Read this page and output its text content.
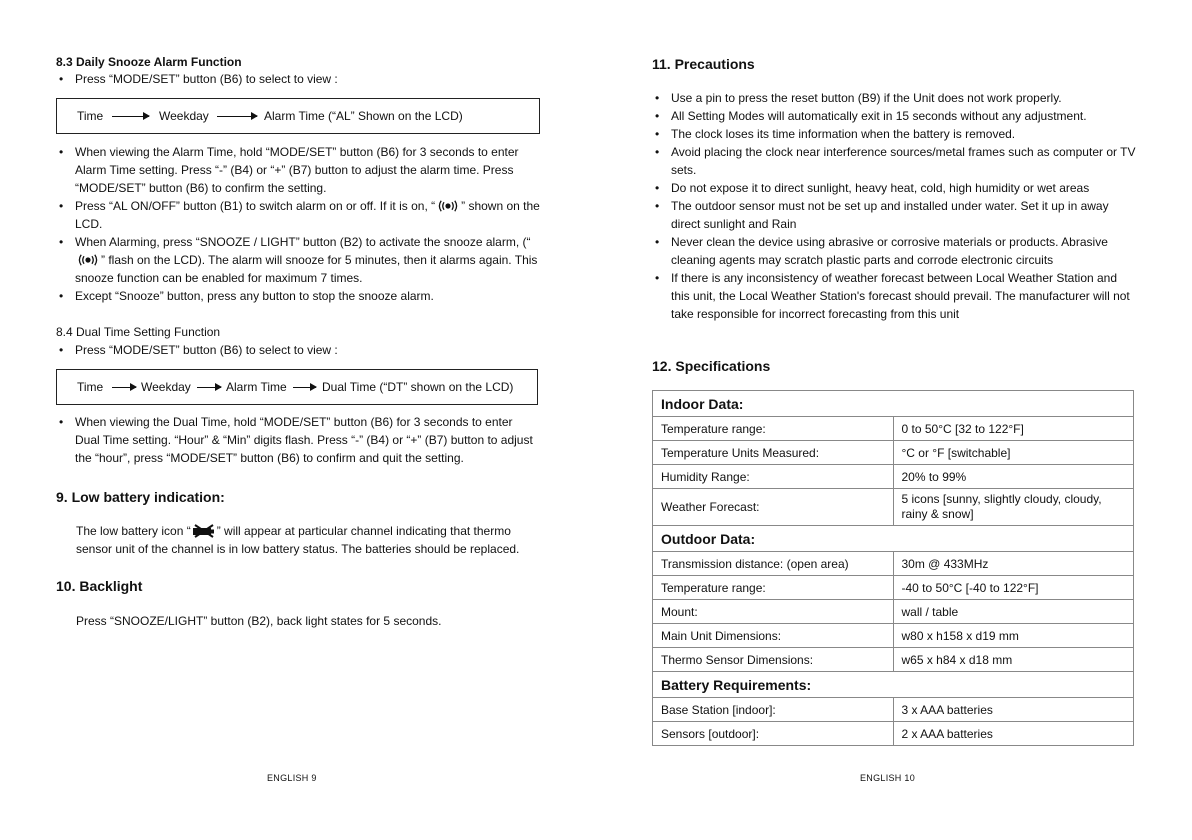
8.3 Daily Snooze Alarm Function
• Press “MODE/SET” button (B6) to select to view :
Time	Weekday	Alarm Time (“AL” Shown on the LCD)
• When viewing the Alarm Time, hold “MODE/SET” button (B6) for 3 seconds to enter Alarm Time setting. Press “-” (B4) or “+” (B7) button to adjust the alarm time. Press “MODE/SET” button (B6) to confirm the setting.
• Press “AL ON/OFF” button (B1) to switch alarm on or off. If it is on, “ ” shown on the LCD.
• When Alarming, press “SNOOZE / LIGHT” button (B2) to activate the snooze alarm, (“” flash on the LCD). The alarm will snooze for 5 minutes, then it alarms again. This snooze function can be enabled for maximum 7 times.
• Except “Snooze” button, press any button to stop the snooze alarm.
8.4 Dual Time Setting Function
• Press “MODE/SET” button (B6) to select to view :
Time	Weekday	Alarm Time	Dual Time (“DT” shown on the LCD)
• When viewing the Dual Time, hold “MODE/SET” button (B6) for 3 seconds to enter Dual Time setting. “Hour” & “Min” digits flash. Press “-” (B4) or “+” (B7) button to adjust the “hour”, press “MODE/SET” button (B6) to confirm and quit the setting.
9. Low battery indication:
The low battery icon “ ” will appear at particular channel indicating that thermo sensor unit of the channel is in low battery status. The batteries should be replaced.
10. Backlight
Press “SNOOZE/LIGHT” button (B2), back light states for 5 seconds.
ENGLISH 9
11. Precautions
• Use a pin to press the reset button (B9) if the Unit does not work properly.
• All Setting Modes will automatically exit in 15 seconds without any adjustment.
• The clock loses its time information when the battery is removed.
• Avoid placing the clock near interference sources/metal frames such as computer or TV sets.
• Do not expose it to direct sunlight, heavy heat, cold, high humidity or wet areas
• The outdoor sensor must not be set up and installed under water. Set it up in away direct sunlight and Rain
• Never clean the device using abrasive or corrosive materials or products. Abrasive cleaning agents may scratch plastic parts and corrode electronic circuits
• If there is any inconsistency of weather forecast between Local Weather Station and this unit, the Local Weather Station's forecast should prevail. The manufacturer will not take responsible for incorrect forecasting from this unit
12. Specifications
Indoor Data:	
Temperature range:	0 to 50°C [32 to 122°F]
Temperature Units Measured:	°C or °F [switchable]
Humidity Range:	20% to 99%
Weather Forecast:	5 icons [sunny, slightly cloudy, cloudy, rainy & snow]
Outdoor Data:	
Transmission distance: (open area)	30m @ 433MHz
Temperature range:	-40 to 50°C [-40 to 122°F]
Mount:	wall / table
Main Unit Dimensions:	w80 x h158 x d19 mm
Thermo Sensor Dimensions:	w65 x h84 x d18 mm
Battery Requirements:	
Base Station [indoor]:	3 x AAA batteries
Sensors [outdoor]:	2 x AAA batteries
ENGLISH 10
